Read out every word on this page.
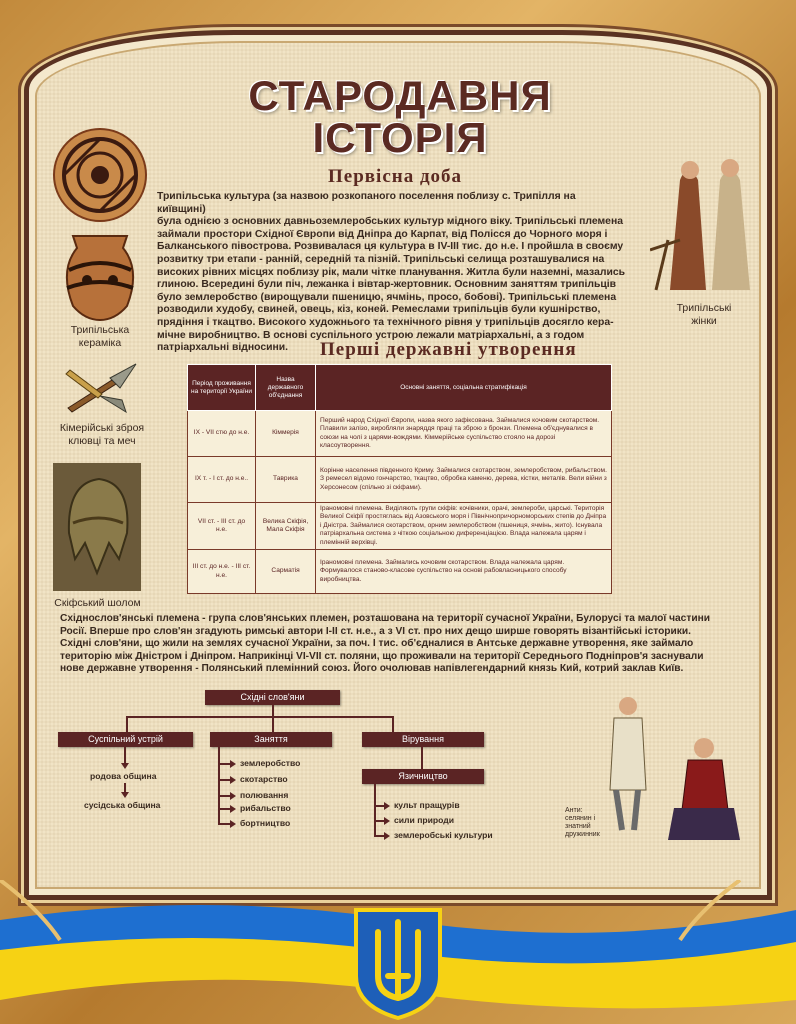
СТАРОДАВНЯ
ІСТОРІЯ
Первісна доба
Трипільська культура (за назвою розкопаного поселення поблизу с. Трипілля на київщині)
була однією з основних давньоземлеробських культур мідного віку. Трипільські племена
займали простори Східної Європи від Дніпра до Карпат, від Полісся до Чорного моря і
Балканського півострова. Розвивалася ця культура в IV-III тис. до н.е. І пройшла в своєму
розвитку три етапи - ранній, середній та пізній. Трипільські селища розташувалися на
високих рівних місцях поблизу рік, мали чітке планування. Житла були наземні, мазались
глиною. Всередині були піч, лежанка і вівтар-жертовник. Основним заняттям трипільців
було землеробство (вирощували пшеницю, ячмінь, просо, бобові). Трипільські племена
розводили худобу, свиней, овець, кіз, коней. Ремеслами трипільців були кушнірство,
прядіння і ткацтво. Високого художнього та технічного рівня у трипільців досягло кера-
мічне виробництво. В основі суспільного устрою лежали матріархальні, а з годом
патріархальні відносини.
Трипільська кераміка
Кімерійські зброя клювці та меч
Скіфський шолом
Трипільські жінки
Перші державні утворення
Період проживання на території України	Назва державного об'єднання	Основні заняття, соціальна стратифікація
IX - VII стю до н.е.	Кіммерія	Перший народ Східної Європи, назва якого зафіксована. Займалися кочовим скотарством. Плавили залізо, виробляли знаряддя праці та зброю з бронзи. Племена об'єднувалися в союзи на чолі з царями-вождями. Кіммерійське суспільство стояло на дорозі класоутворення.
IX т. - I ст. до н.е..	Таврика	Корінне населення південного Криму. Займалися скотарством, землеробством, рибальством. З ремесел відомо гончарство, ткацтво, обробка каменю, дерева, кістки, металів. Вели війни з Херсонесом (спільно зі скіфами).
VII ст. - III ст. до н.е.	Велика Скіфія, Мала Скіфія	Іраномовні племена. Виділяють групи скіфів: кочівники, орачі, землероби, царські. Територія Великої Скіфії простяглась від Азовського моря і Північнопричорноморських степів до Дніпра і Дністра. Займалися скотарством, орним землеробством (пшениця, ячмінь, жито). Існувала патріархальна система з чіткою соціальною диференціацією. Влада належала царям і племінній верхівці.
III ст. до н.е. - III ст. н.е.	Сарматія	Іраномовні племена. Займались кочовим скотарством. Влада належала царям. Формувалося станово-класове суспільство на основі рабовласницького способу виробництва.
Східнослов'янські племена - група слов'янських племен, розташована на території сучасної України, Булорусі та малої частини
Росії. Вперше про слов'ян згадують римські автори I-II ст. н.е., а з VI ст. про них дещо ширше говорять візантійські історики.
Східні слов'яни, що жили на землях сучасної України, за поч. I тис. об'єдналися в Антське державне утворення, яке займало
територію між Дністром і Дніпром. Наприкінці VI-VII ст. поляни, що проживали на території Середнього Подніпров'я заснували
нове державне утворення - Полянський племінний союз. Його очолював напівлегендарний князь Кий, котрий заклав Київ.
Східні слов'яни
Суспільний устрій	Заняття	Вірування
родова община
сусідська община
землеробство
скотарство
полювання
рибальство
бортництво
Язичництво
культ пращурів
сили природи
землеробські культури
Анти: селянин і знатний дружинник
